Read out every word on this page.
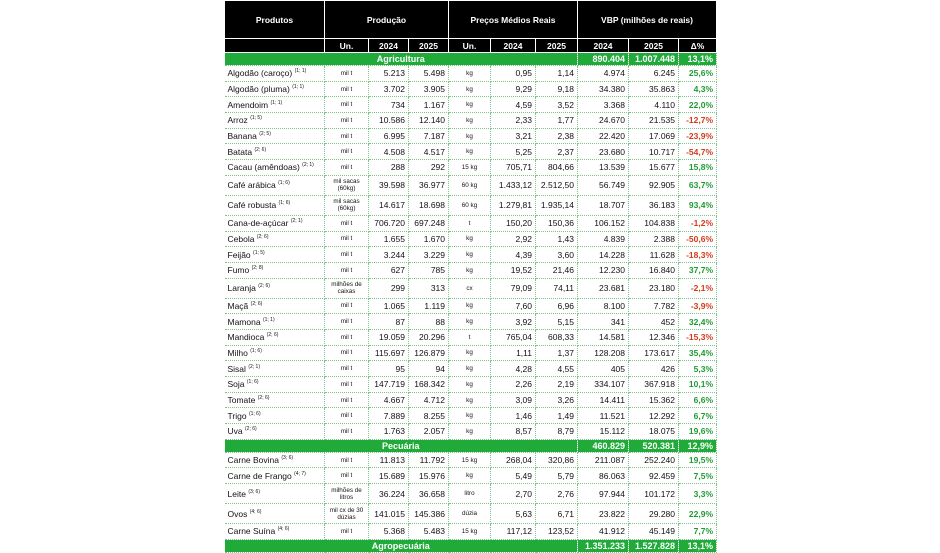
Produtos	Produção			Preços Médios Reais			VBP (milhões de reais)		
	Un.	2024	2025	Un.	2024	2025	2024	2025	Δ%
Agricultura							890.404	1.007.448	13,1%
Algodão (caroço) $^{(1; 1)}$	mil t	5.213	5.498	kg	0,95	1,14	4.974	6.245	25,6%
Algodão (pluma) $^{(1; 1)}$	mil t	3.702	3.905	kg	9,29	9,18	34.380	35.863	4,3%
Amendoim $^{(1; 1)}$	mil t	734	1.167	kg	4,59	3,52	3.368	4.110	22,0%
Arroz $^{(1; 5)}$	mil t	10.586	12.140	kg	2,33	1,77	24.670	21.535	-12,7%
Banana $^{(2; 5)}$	mil t	6.995	7.187	kg	3,21	2,38	22.420	17.069	-23,9%
Batata $^{(2; 6)}$	mil t	4.508	4.517	kg	5,25	2,37	23.680	10.717	-54,7%
Cacau (amêndoas) $^{(2; 1)}$	mil t	288	292	15 kg	705,71	804,66	13.539	15.677	15,8%
Café arábica $^{(1; 6)}$	mil sacas (60kg)	39.598	36.977	60 kg	1.433,12	2.512,50	56.749	92.905	63,7%
Café robusta $^{(1; 6)}$	mil sacas (60kg)	14.617	18.698	60 kg	1.279,81	1.935,14	18.707	36.183	93,4%
Cana-de-açúcar $^{(2; 1)}$	mil t	706.720	697.248	t	150,20	150,36	106.152	104.838	-1,2%
Cebola $^{(2; 6)}$	mil t	1.655	1.670	kg	2,92	1,43	4.839	2.388	-50,6%
Feijão $^{(1; 5)}$	mil t	3.244	3.229	kg	4,39	3,60	14.228	11.628	-18,3%
Fumo $^{(2; 8)}$	mil t	627	785	kg	19,52	21,46	12.230	16.840	37,7%
Laranja $^{(2; 6)}$	milhões de caixas	299	313	cx	79,09	74,11	23.681	23.180	-2,1%
Maçã $^{(2; 6)}$	mil t	1.065	1.119	kg	7,60	6,96	8.100	7.782	-3,9%
Mamona $^{(1; 1)}$	mil t	87	88	kg	3,92	5,15	341	452	32,4%
Mandioca $^{(2; 6)}$	mil t	19.059	20.296	t	765,04	608,33	14.581	12.346	-15,3%
Milho $^{(1; 6)}$	mil t	115.697	126.879	kg	1,11	1,37	128.208	173.617	35,4%
Sisal $^{(2; 1)}$	mil t	95	94	kg	4,28	4,55	405	426	5,3%
Soja $^{(1; 6)}$	mil t	147.719	168.342	kg	2,26	2,19	334.107	367.918	10,1%
Tomate $^{(2; 6)}$	mil t	4.667	4.712	kg	3,09	3,26	14.411	15.362	6,6%
Trigo $^{(1; 6)}$	mil t	7.889	8.255	kg	1,46	1,49	11.521	12.292	6,7%
Uva $^{(2; 6)}$	mil t	1.763	2.057	kg	8,57	8,79	15.112	18.075	19,6%
Pecuária							460.829	520.381	12,9%
Carne Bovina $^{(3; 6)}$	mil t	11.813	11.792	15 kg	268,04	320,86	211.087	252.240	19,5%
Carne de Frango $^{(4; 7)}$	mil t	15.689	15.976	kg	5,49	5,79	86.063	92.459	7,5%
Leite $^{(3; 6)}$	milhões de litros	36.224	36.658	litro	2,70	2,76	97.944	101.172	3,3%
Ovos $^{(4; 6)}$	mil cx de 30 dúzias	141.015	145.386	dúzia	5,63	6,71	23.822	29.280	22,9%
Carne Suína $^{(4; 6)}$	mil t	5.368	5.483	15 kg	117,12	123,52	41.912	45.149	7,7%
Agropecuária							1.351.233	1.527.828	13,1%
